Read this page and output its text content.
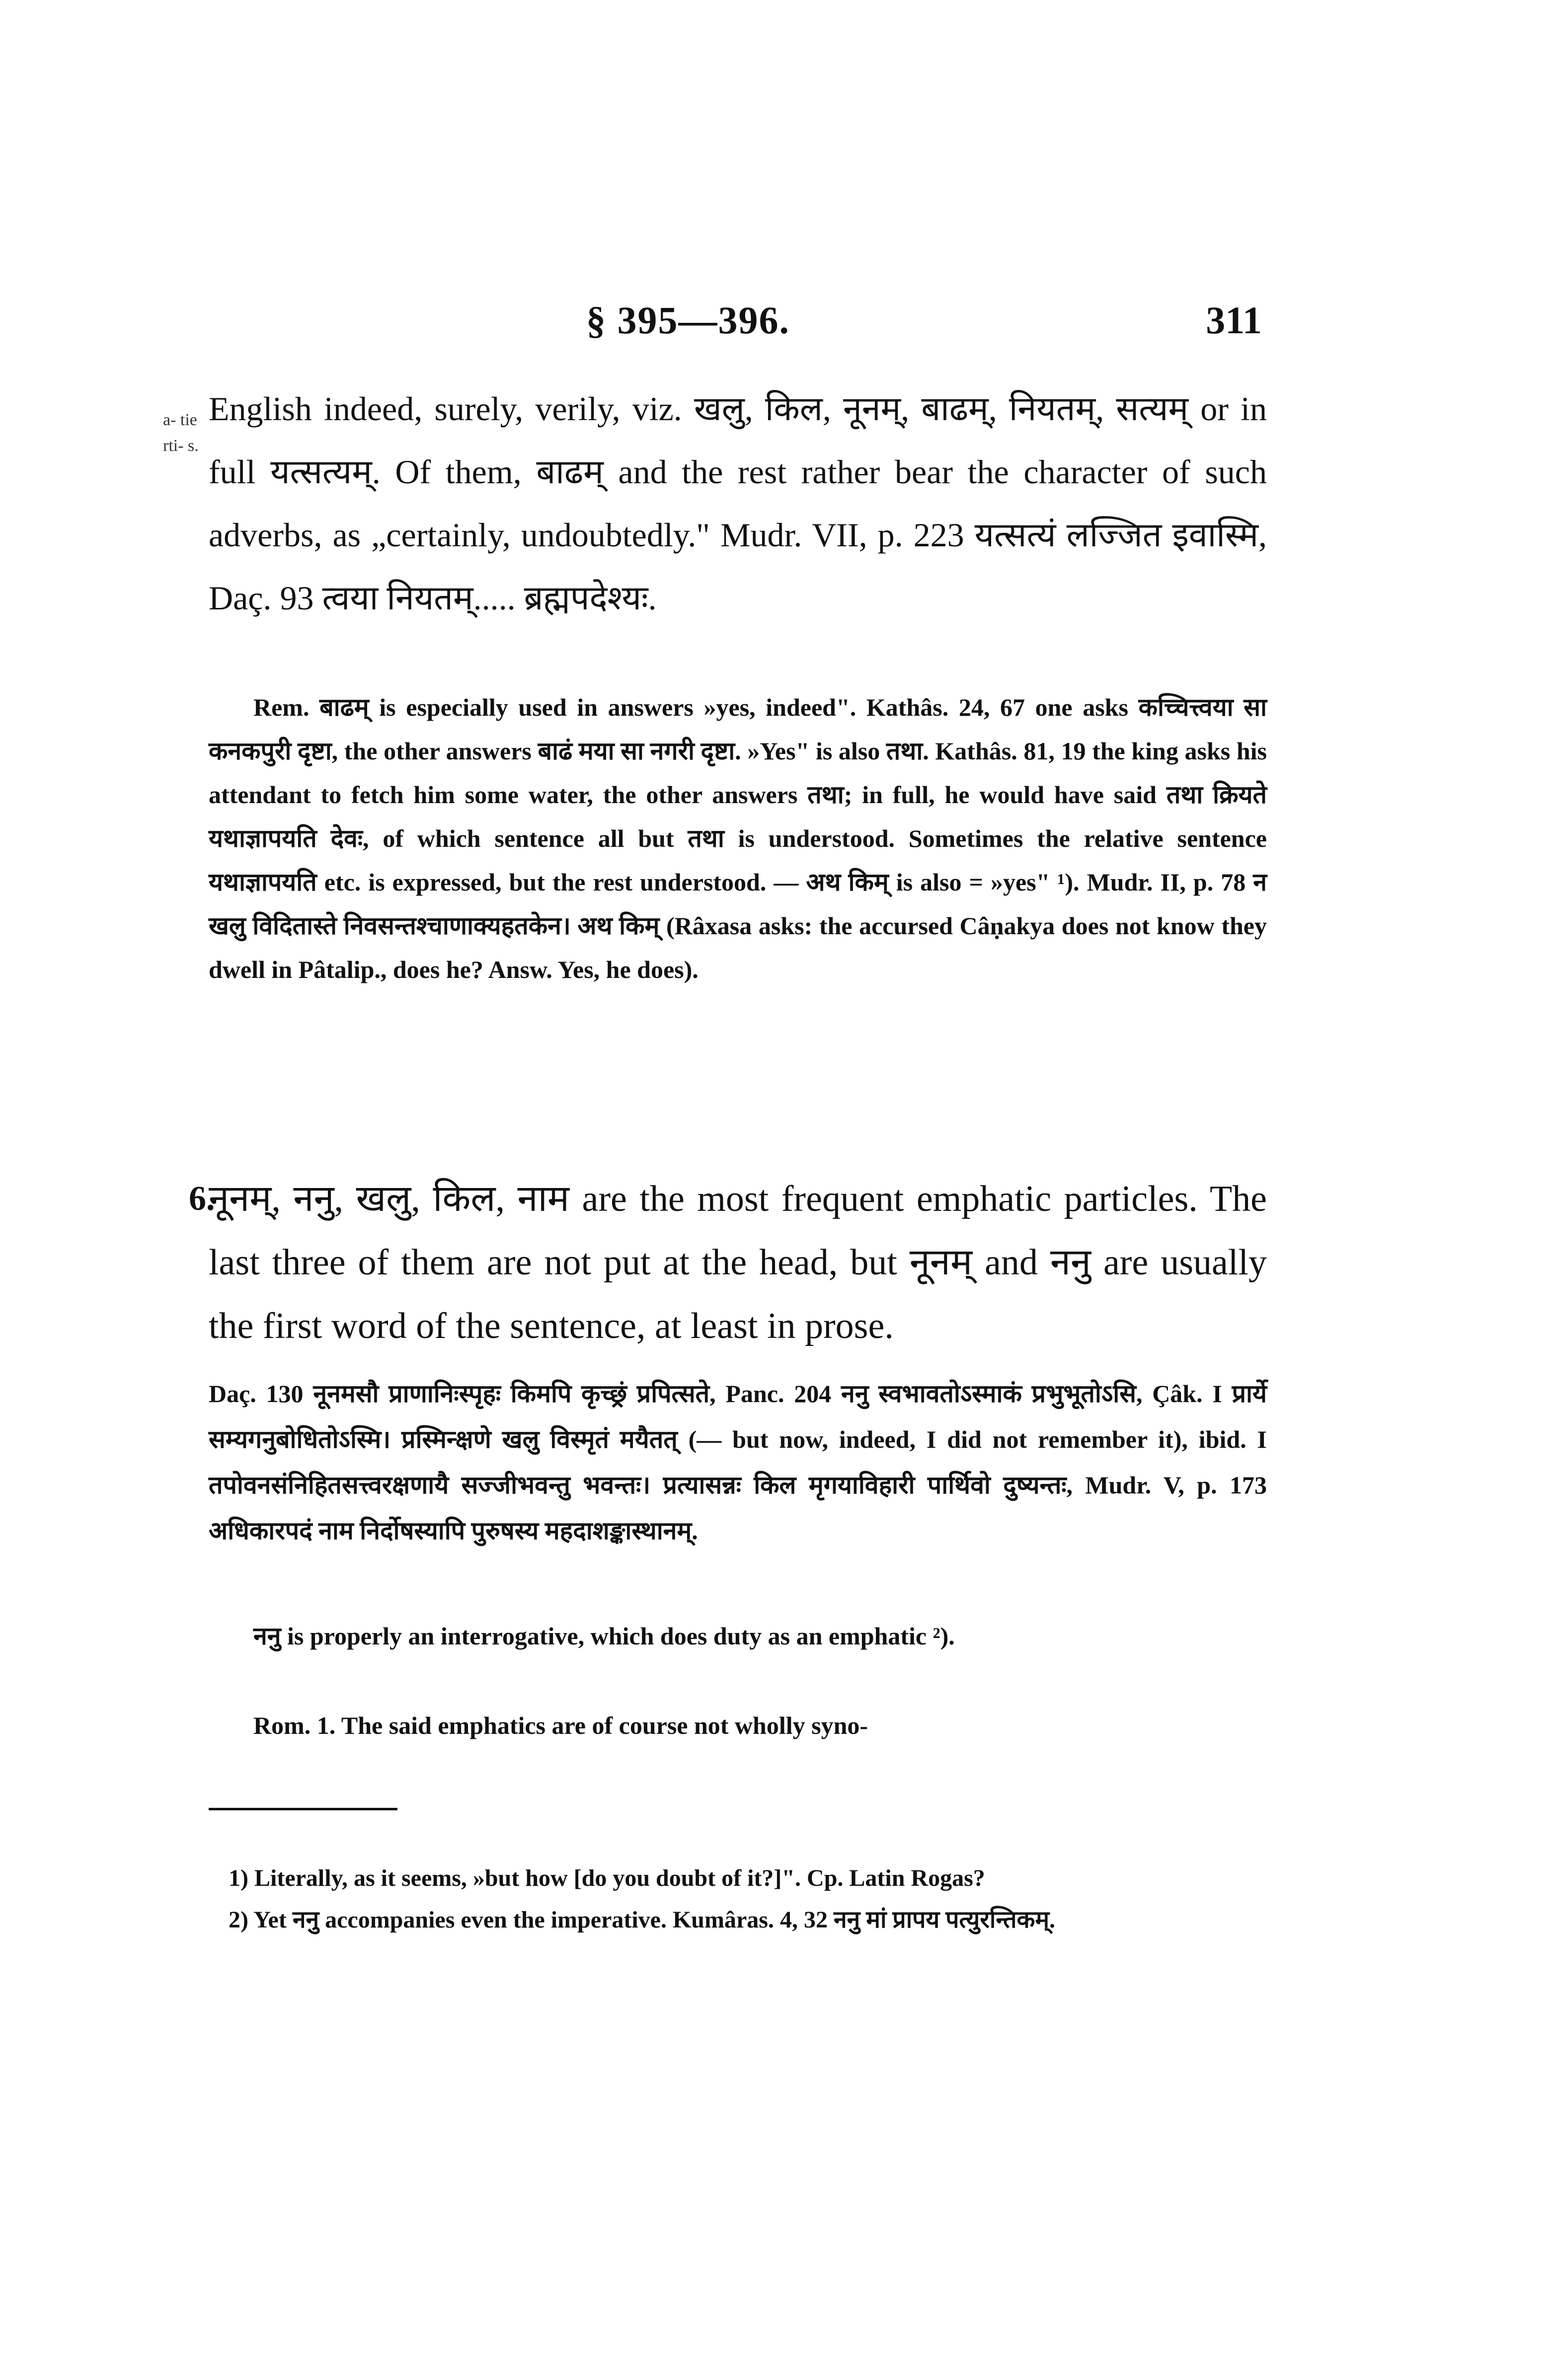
§ 395—396.	311
a- tie rti- s.

English indeed, surely, verily, viz. खलु, किल, नूनम्, बाढम्, नियतम्, सत्यम् or in full यत्सत्यम्. Of them, बाढम् and the rest rather bear the character of such adverbs, as „certainly, undoubtedly." Mudr. VII, p. 223 यत्सत्यं लज्जित इवास्मि, Daç. 93 त्वया नियतम्..... ब्रह्मपदेश्यः.

Rem. बाढम् is especially used in answers »yes, indeed". Kathâs. 24, 67 one asks कच्चित्त्वया सा कनकपुरी दृष्टा, the other answers बाढं मया सा नगरी दृष्टा. »Yes" is also तथा. Kathâs. 81, 19 the king asks his attendant to fetch him some water, the other answers तथा; in full, he would have said तथा क्रियते यथाज्ञापयति देवः, of which sentence all but तथा is understood. Sometimes the relative sentence यथाज्ञापयति etc. is expressed, but the rest understood. — अथ किम् is also = »yes" ¹). Mudr. II, p. 78 न खलु विदितास्ते निवसन्तश्चाणाक्यहतकेन। अथ किम् (Râxasa asks: the accursed Câṇakya does not know they dwell in Pâtalip., does he? Answ. Yes, he does).

6.

नूनम्, ननु, खलु, किल, नाम are the most frequent emphatic particles. The last three of them are not put at the head, but नूनम् and ननु are usually the first word of the sentence, at least in prose.

Daç. 130 नूनमसौ प्राणानिःस्पृहः किमपि कृच्छ्रं प्रपित्सते, Panc. 204 ननु स्वभावतोऽस्माकं प्रभुभूतोऽसि, Çâk. I प्रार्ये सम्यगनुबोधितोऽस्मि। प्रस्मिन्क्षणे खलु विस्मृतं मयैतत् (— but now, indeed, I did not remember it), ibid. I तपोवनसंनिहितसत्त्वरक्षणायै सज्जीभवन्तु भवन्तः। प्रत्यासन्नः किल मृगयाविहारी पार्थिवो दुष्यन्तः, Mudr. V, p. 173 अधिकारपदं नाम निर्दोषस्यापि पुरुषस्य महदाशङ्कास्थानम्.

ननु is properly an interrogative, which does duty as an emphatic ²).

Rom. 1. The said emphatics are of course not wholly syno-

1) Literally, as it seems, »but how [do you doubt of it?]". Cp. Latin Rogas?

2) Yet ननु accompanies even the imperative. Kumâras. 4, 32 ननु मां प्रापय पत्युरन्तिकम्.
